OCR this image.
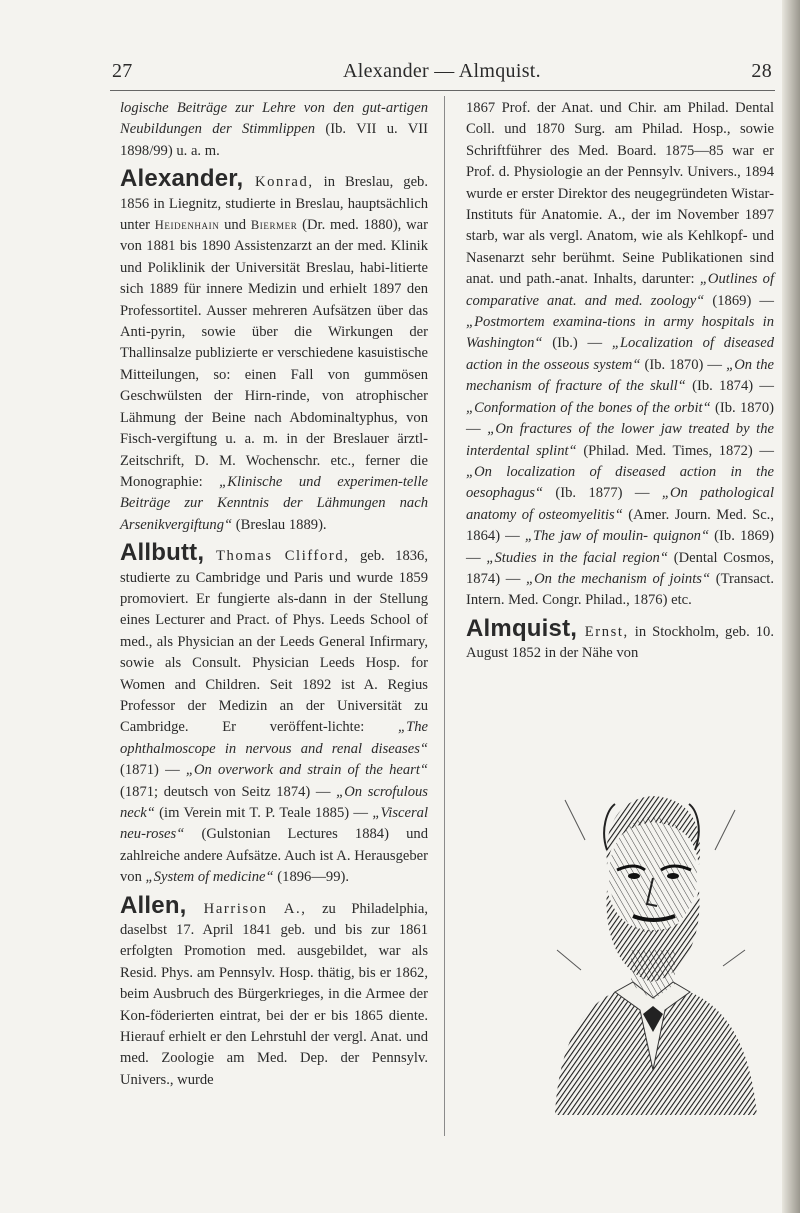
27	Alexander — Almquist.	28

logische Beiträge zur Lehre von den gut-artigen Neubildungen der Stimmlippen (Ib. VII u. VII 1898/99) u. a. m.

Alexander, Konrad, in Breslau, geb. 1856 in Liegnitz, studierte in Breslau, hauptsächlich unter Heidenhain und Biermer (Dr. med. 1880), war von 1881 bis 1890 Assistenzarzt an der med. Klinik und Poliklinik der Universität Breslau, habi-litierte sich 1889 für innere Medizin und erhielt 1897 den Professortitel. Ausser mehreren Aufsätzen über das Anti-pyrin, sowie über die Wirkungen der Thallinsalze publizierte er verschiedene kasuistische Mitteilungen, so: einen Fall von gummösen Geschwülsten der Hirn-rinde, von atrophischer Lähmung der Beine nach Abdominaltyphus, von Fisch-vergiftung u. a. m. in der Breslauer ärztl-Zeitschrift, D. M. Wochenschr. etc., ferner die Monographie: „Klinische und experimen-telle Beiträge zur Kenntnis der Lähmungen nach Arsenikvergiftung“ (Breslau 1889).

Allbutt, Thomas Clifford, geb. 1836, studierte zu Cambridge und Paris und wurde 1859 promoviert. Er fungierte als-dann in der Stellung eines Lecturer and Pract. of Phys. Leeds School of med., als Physician an der Leeds General Infirmary, sowie als Consult. Physician Leeds Hosp. for Women and Children. Seit 1892 ist A. Regius Professor der Medizin an der Universität zu Cambridge. Er veröffent-lichte: „The ophthalmoscope in nervous and renal diseases“ (1871) — „On overwork and strain of the heart“ (1871; deutsch von Seitz 1874) — „On scrofulous neck“ (im Verein mit T. P. Teale 1885) — „Visceral neu-roses“ (Gulstonian Lectures 1884) und zahlreiche andere Aufsätze. Auch ist A. Herausgeber von „System of medicine“ (1896—99).

Allen, Harrison A., zu Philadelphia, daselbst 17. April 1841 geb. und bis zur 1861 erfolgten Promotion med. ausgebildet, war als Resid. Phys. am Pennsylv. Hosp. thätig, bis er 1862, beim Ausbruch des Bürgerkrieges, in die Armee der Kon-föderierten eintrat, bei der er bis 1865 diente. Hierauf erhielt er den Lehrstuhl der vergl. Anat. und med. Zoologie am Med. Dep. der Pennsylv. Univers., wurde

1867 Prof. der Anat. und Chir. am Philad. Dental Coll. und 1870 Surg. am Philad. Hosp., sowie Schriftführer des Med. Board. 1875—85 war er Prof. d. Physiologie an der Pennsylv. Univers., 1894 wurde er erster Direktor des neugegründeten Wistar-Instituts für Anatomie. A., der im November 1897 starb, war als vergl. Anatom, wie als Kehlkopf- und Nasenarzt sehr berühmt. Seine Publikationen sind anat. und path.-anat. Inhalts, darunter: „Outlines of comparative anat. and med. zoology“ (1869) — „Postmortem examina-tions in army hospitals in Washington“ (Ib.) — „Localization of diseased action in the osseous system“ (Ib. 1870) — „On the mechanism of fracture of the skull“ (Ib. 1874) — „Conformation of the bones of the orbit“ (Ib. 1870) — „On fractures of the lower jaw treated by the interdental splint“ (Philad. Med. Times, 1872) — „On localization of diseased action in the oesophagus“ (Ib. 1877) — „On pathological anatomy of osteomyelitis“ (Amer. Journ. Med. Sc., 1864) — „The jaw of moulin- quignon“ (Ib. 1869) — „Studies in the facial region“ (Dental Cosmos, 1874) — „On the mechanism of joints“ (Transact. Intern. Med. Congr. Philad., 1876) etc.

Almquist, Ernst, in Stockholm, geb. 10. August 1852 in der Nähe von
